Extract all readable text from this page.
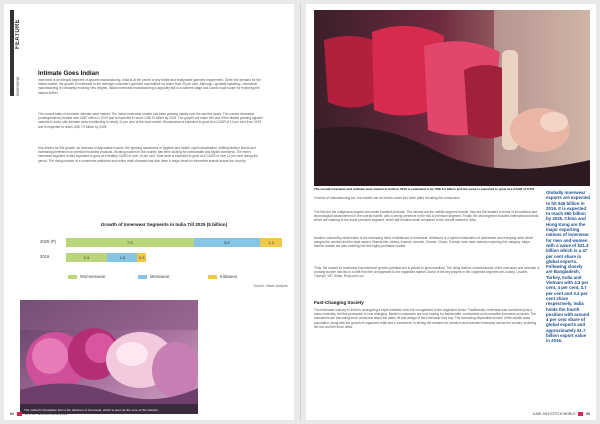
FEATURE
innerwear
Intimate Goes Indian

Innerwear is an integral segment of apparel manufacturing. India is at the centre of any textile and readymade garment requirement. Given the demand for the Indian market, the growth of innerwear in the average consumer's garment expenditure by brand from 20 per cent. Although—globally speaking—innerwear manufacturing is constantly evolving new heights. Indian innerwear manufacturing is arguably still in a nascent stage and counts huge scope for exploring the market further.

The current state of domestic intimate wear market: The Indian innerwear market has been growing rapidly over the last few years. The current innerwear (undergarments) market was US$7 billion in 2019 and is expected to touch US$ 13 billion by 2025. The growth will make this one of the fastest growing apparel markets in India, with intimate wear contributing to nearly 11 per cent of the total market. Womenwear is expected to grow at a CAGR of 14 per cent from 2019 and is expected to reach US$ 7.5 billion by 2025.

Key drivers for this growth: an increase in disposable income, the growing awareness of hygiene and health, rapid urbanisation, shifting fashion trends and increasing preference for premium branded products. Working women in the country has been looking for comfortable and stylish innerwear. The men's innerwear segment is also expected to grow at a healthy CAGR of over 10 per cent. Kids wear is expected to grow at a CAGR of over 12 per cent during the period. The rising number of e-commerce platforms and online retail channels has also been a major boost for innerwear brands across the country.

Growth of Innerwear Segments in India Till 2025 ($ billion)
2025 (P)	7.5	3.9	1.3
2016	2.4	1.8	0.5
Womenswear	Menswear	Kidswear
Source: Wazir Analysis
The market's foundation lies in the advance of innerwear, which is seen as the core of the industry.
62	STITCH WORLD JUNE 2019
The overall innerwear and intimate wear market in India in 2016 is estimated to be US$ 4.0 billion and the same is expected to grow at a CAGR of 9.5%.

In terms of manufacturing too, the market can be broken down into three parts including the consumers.

The first are the indigenous players who make branded products. The second are the middle segment brands, they are the leaders in terms of innovations and technological advancement of the overall market, with a strong presence in the mid to premium segment. Finally, the last segment includes international brands which are catering to the super premium segment, which still remains small compared to the overall market in India.

Another noteworthy observation is the increasing trend of athleisure in innerwear. Athleisure is a hybrid combination of activewear and everyday wear which merges the comfort and the style aspect. Brands like Jockey, Enamor, Amante, Zivame, Clovia, Triumph have been actively exploring this category. Major fashion brands are also entering into this highly profitable market.

Thus, the market for innerwear has immense growth potential and is poised to grow manifold. The rising fashion consciousness of the consumer and increase in working women has led to a shift from the unorganised to the organised market. Some of the key players in the organised segment are Jockey, Lovable, Triumph, VIP, Dollar, Rupa and Lux.

Fast-Changing Society

The innerwear industry in India is undergoing a rapid transition from the unorganised to the organised sector. Traditionally, innerwear was considered just a basic necessity, but this perception is now changing. Modern consumers are now looking for fashionable, comfortable and innovative innerwear products. The consumers are becoming more conscious about the fabric, fit and design of the innerwear they buy. The increasing disposable income of the middle class population, along with the growth of organised retail and e-commerce, is driving the demand for premium and branded innerwear across the country, including tier two and tier three cities.

Globally innerwear exports are expected to hit $45 billion in 2016. It is expected to reach $60 billion by 2025. China and Hong Kong are the major exporting nations of innerwear for men and women with a value of $21.3 billion which is a 47 per cent share in global exports. Following closely are Bangladesh, Turkey, India and Vietnam with 4.3 per cent, 4 per cent, 3.7 per cent and 3.4 per cent share respectively. India holds the fourth position with around 4 per cent share of global exports and approximately $1.7 billion export value in 2016.
JUNE 2019 STITCH WORLD	63
